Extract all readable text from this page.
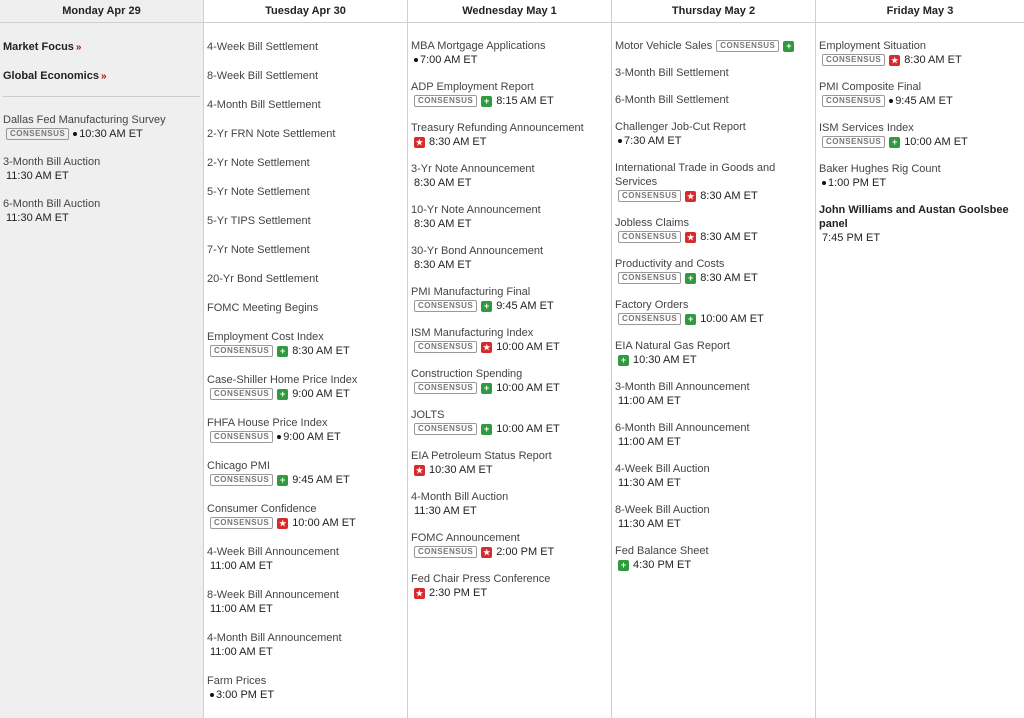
Monday Apr 29
Market Focus »
Global Economics »
Dallas Fed Manufacturing Survey
CONSENSUS	10:30 AM ET
3-Month Bill Auction
11:30 AM ET
6-Month Bill Auction
11:30 AM ET
Tuesday Apr 30
4-Week Bill Settlement
8-Week Bill Settlement
4-Month Bill Settlement
2-Yr FRN Note Settlement
2-Yr Note Settlement
5-Yr Note Settlement
5-Yr TIPS Settlement
7-Yr Note Settlement
20-Yr Bond Settlement
FOMC Meeting Begins
Employment Cost Index
CONSENSUS	+ 8:30 AM ET
Case-Shiller Home Price Index
CONSENSUS	+ 9:00 AM ET
FHFA House Price Index
CONSENSUS	9:00 AM ET
Chicago PMI
CONSENSUS	+ 9:45 AM ET
Consumer Confidence
CONSENSUS	★ 10:00 AM ET
4-Week Bill Announcement
11:00 AM ET
8-Week Bill Announcement
11:00 AM ET
4-Month Bill Announcement
11:00 AM ET
Farm Prices
3:00 PM ET
Wednesday May 1
MBA Mortgage Applications
7:00 AM ET
ADP Employment Report
CONSENSUS	+ 8:15 AM ET
Treasury Refunding Announcement
★ 8:30 AM ET
3-Yr Note Announcement
8:30 AM ET
10-Yr Note Announcement
8:30 AM ET
30-Yr Bond Announcement
8:30 AM ET
PMI Manufacturing Final
CONSENSUS	+ 9:45 AM ET
ISM Manufacturing Index
CONSENSUS	★ 10:00 AM ET
Construction Spending
CONSENSUS	+ 10:00 AM ET
JOLTS
CONSENSUS	+ 10:00 AM ET
EIA Petroleum Status Report
★ 10:30 AM ET
4-Month Bill Auction
11:30 AM ET
FOMC Announcement
CONSENSUS	★ 2:00 PM ET
Fed Chair Press Conference
★ 2:30 PM ET
Thursday May 2
Motor Vehicle Sales	CONSENSUS	+
3-Month Bill Settlement
6-Month Bill Settlement
Challenger Job-Cut Report
7:30 AM ET
International Trade in Goods and Services
CONSENSUS	★ 8:30 AM ET
Jobless Claims
CONSENSUS	★ 8:30 AM ET
Productivity and Costs
CONSENSUS	+ 8:30 AM ET
Factory Orders
CONSENSUS	+ 10:00 AM ET
EIA Natural Gas Report
+ 10:30 AM ET
3-Month Bill Announcement
11:00 AM ET
6-Month Bill Announcement
11:00 AM ET
4-Week Bill Auction
11:30 AM ET
8-Week Bill Auction
11:30 AM ET
Fed Balance Sheet
+ 4:30 PM ET
Friday May 3
Employment Situation
CONSENSUS	★ 8:30 AM ET
PMI Composite Final
CONSENSUS	9:45 AM ET
ISM Services Index
CONSENSUS	+ 10:00 AM ET
Baker Hughes Rig Count
1:00 PM ET
John Williams and Austan Goolsbee panel
7:45 PM ET
